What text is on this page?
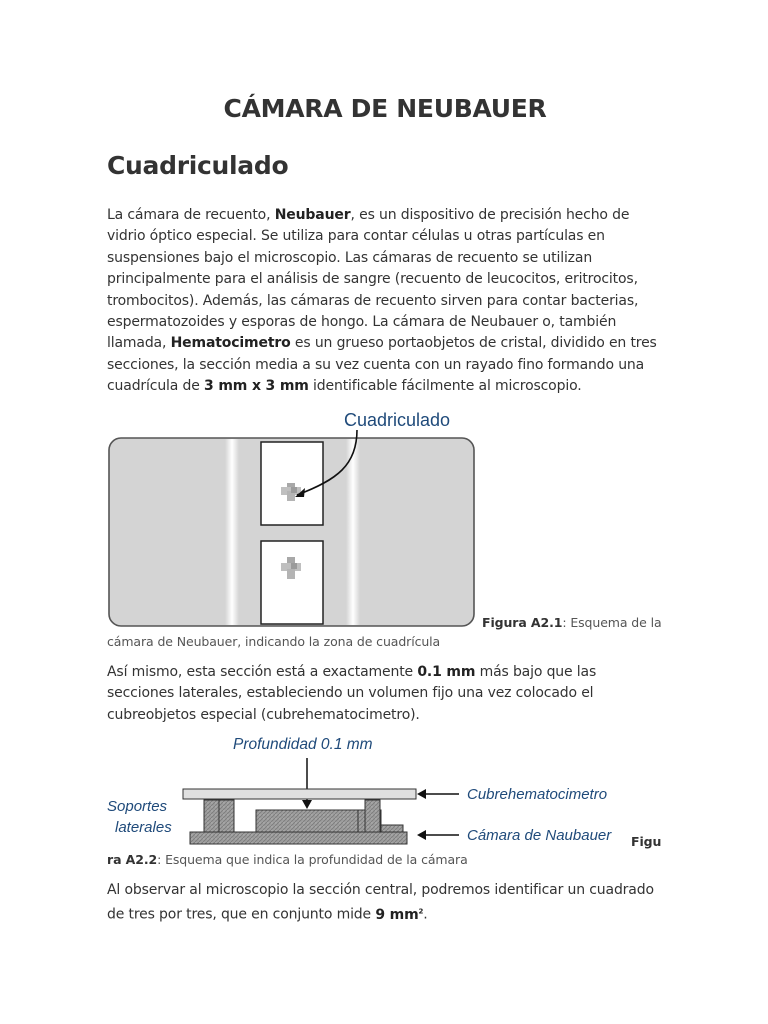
CÁMARA DE NEUBAUER
Cuadriculado

La cámara de recuento, Neubauer, es un dispositivo de precisión hecho de vidrio óptico especial. Se utiliza para contar células u otras partículas en suspensiones bajo el microscopio. Las cámaras de recuento se utilizan principalmente para el análisis de sangre (recuento de leucocitos, eritrocitos, trombocitos). Además, las cámaras de recuento sirven para contar bacterias, espermatozoides y esporas de hongo. La cámara de Neubauer o, también llamada, Hematocimetro es un grueso portaobjetos de cristal, dividido en tres secciones, la sección media a su vez cuenta con un rayado fino formando una cuadrícula de 3 mm x 3 mm identificable fácilmente al microscopio.

Cuadriculado
Figura A2.1: Esquema de la
cámara de Neubauer, indicando la zona de cuadrícula

Así mismo, esta sección está a exactamente 0.1 mm más bajo que las secciones laterales, estableciendo un volumen fijo una vez colocado el cubreobjetos especial (cubrehematocimetro).

Profundidad 0.1 mm
Soportes
laterales
Cubrehematocimetro
Cámara de Naubauer Figu
ra A2.2: Esquema que indica la profundidad de la cámara

Al observar al microscopio la sección central, podremos identificar un cuadrado de tres por tres, que en conjunto mide 9 $mm^2$.
